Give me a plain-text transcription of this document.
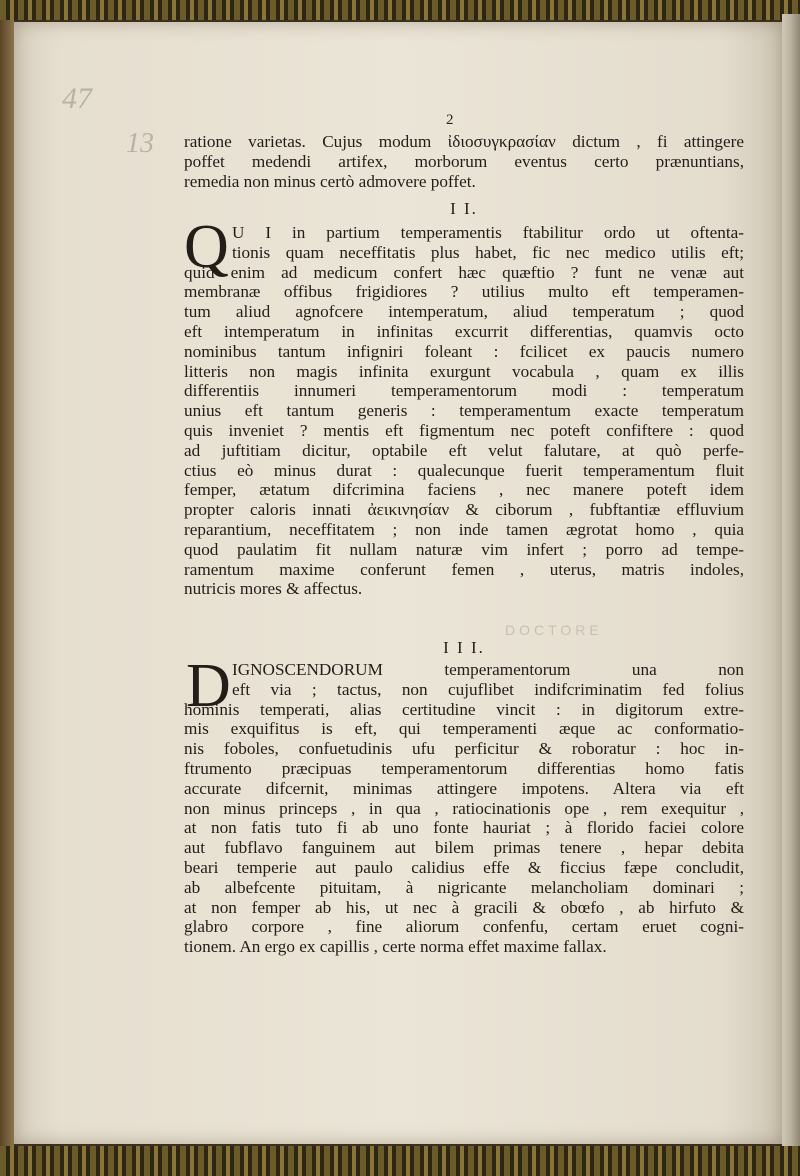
47
13
2
ratione varietas. Cujus modum ἰδιοσυγκρασίαν dictum , fi attingere
poffet medendi artifex, morborum eventus certo prænuntians,
remedia non minus certò admovere poffet.
I I.
Q U I in partium temperamentis ftabilitur ordo ut oftenta-
tionis quam neceffitatis plus habet, fic nec medico utilis eft;
quid enim ad medicum confert hæc quæftio ? funt ne venæ aut
membranæ offibus frigidiores ? utilius multo eft temperamen-
tum aliud agnofcere intemperatum, aliud temperatum ; quod
eft intemperatum in infinitas excurrit differentias, quamvis octo
nominibus tantum infigniri foleant : fcilicet ex paucis numero
litteris non magis infinita exurgunt vocabula , quam ex illis
differentiis innumeri temperamentorum modi : temperatum
unius eft tantum generis : temperamentum exacte temperatum
quis inveniet ? mentis eft figmentum nec poteft confiftere : quod
ad juftitiam dicitur, optabile eft velut falutare, at quò perfe-
ctius eò minus durat : qualecunque fuerit temperamentum fluit
femper, ætatum difcrimina faciens , nec manere poteft idem
propter caloris innati ἀεικινησίαν & ciborum , fubftantiæ effluvium
reparantium, neceffitatem ; non inde tamen ægrotat homo , quia
quod paulatim fit nullam naturæ vim infert ; porro ad tempe-
ramentum maxime conferunt femen , uterus, matris indoles,
nutricis mores & affectus.
DOCTORE
I I I.
D IGNOSCENDORUM temperamentorum una non
eft via ; tactus, non cujuflibet indifcriminatim fed folius
hominis temperati, alias certitudine vincit : in digitorum extre-
mis exquifitus is eft, qui temperamenti æque ac conformatio-
nis foboles, confuetudinis ufu perficitur & roboratur : hoc in-
ftrumento præcipuas temperamentorum differentias homo fatis
accurate difcernit, minimas attingere impotens. Altera via eft
non minus princeps , in qua , ratiocinationis ope , rem exequitur ,
at non fatis tuto fi ab uno fonte hauriat ; à florido faciei colore
aut fubflavo fanguinem aut bilem primas tenere , hepar debita
beari temperie aut paulo calidius effe & ficcius fæpe concludit,
ab albefcente pituitam, à nigricante melancholiam dominari ;
at non femper ab his, ut nec à gracili & obœfo , ab hirfuto &
glabro corpore , fine aliorum confenfu, certam eruet cogni-
tionem. An ergo ex capillis , certe norma effet maxime fallax.
